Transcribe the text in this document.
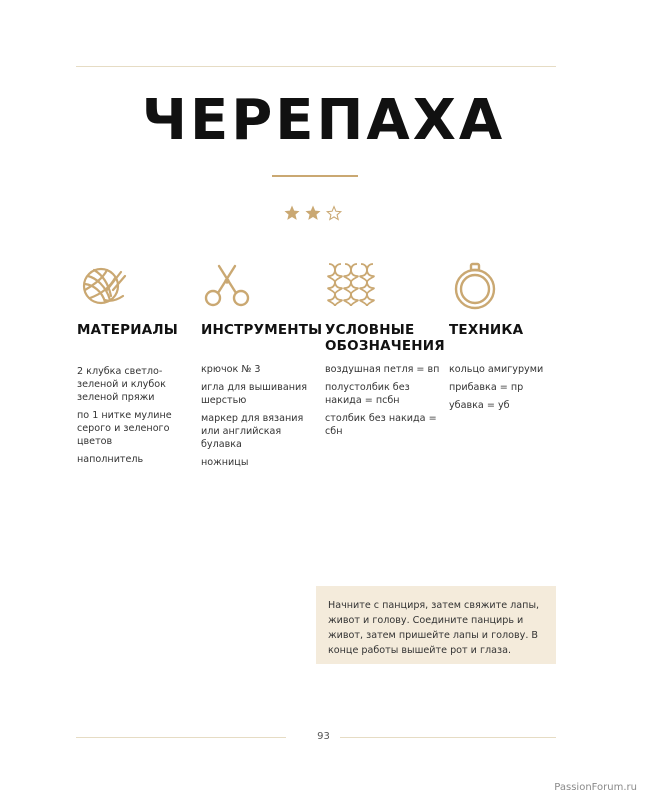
ЧЕРЕПАХА
МАТЕРИАЛЫ
2 клубка светло-зеленой и клубок зеленой пряжи
по 1 нитке мулине серого и зеленого цветов
наполнитель
ИНСТРУМЕНТЫ
крючок № 3
игла для вышивания шерстью
маркер для вязания или английская булавка
ножницы
УСЛОВНЫЕ ОБОЗНАЧЕНИЯ
воздушная петля = вп
полустолбик без накида = псбн
столбик без накида = сбн
ТЕХНИКА
кольцо амигуруми
прибавка = пр
убавка = уб
Начните с панциря, затем свяжите лапы, живот и голову. Соедините панцирь и живот, затем пришейте лапы и голову. В конце работы вышейте рот и глаза.
93
PassionForum.ru
